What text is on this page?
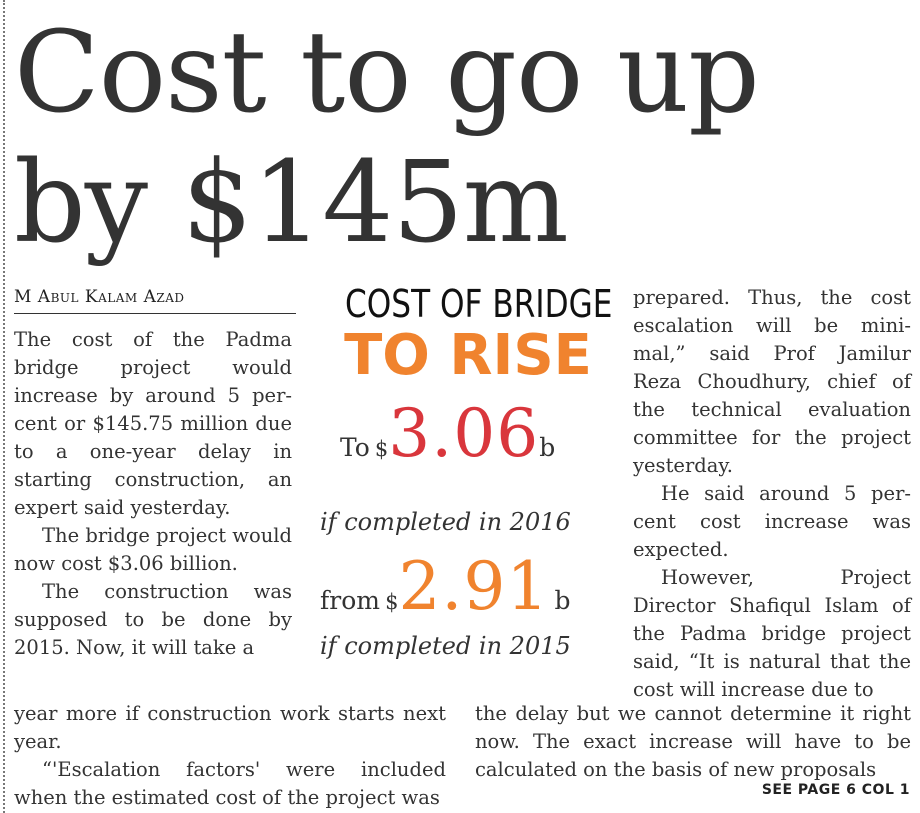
Cost to go up
by $145m
M Abul Kalam Azad

The cost of the Padma bridge project would increase by around 5 per-cent or $145.75 million due to a one-year delay in starting construction, an expert said yesterday.

The bridge project would now cost $3.06 billion.

The construction was supposed to be done by 2015. Now, it will take a

COST OF BRIDGE
TO RISE
To $3.06b
if completed in 2016
from $2.91 b
if completed in 2015

prepared. Thus, the cost escalation will be mini-mal,” said Prof Jamilur Reza Choudhury, chief of the technical evaluation committee for the project yesterday.

He said around 5 per-cent cost increase was expected.

However, Project Director Shafiqul Islam of the Padma bridge project said, “It is natural that the cost will increase due to

year more if construction work starts next year.

“'Escalation factors' were included when the estimated cost of the project was

the delay but we cannot determine it right now. The exact increase will have to be calculated on the basis of new proposals

SEE PAGE 6 COL 1
